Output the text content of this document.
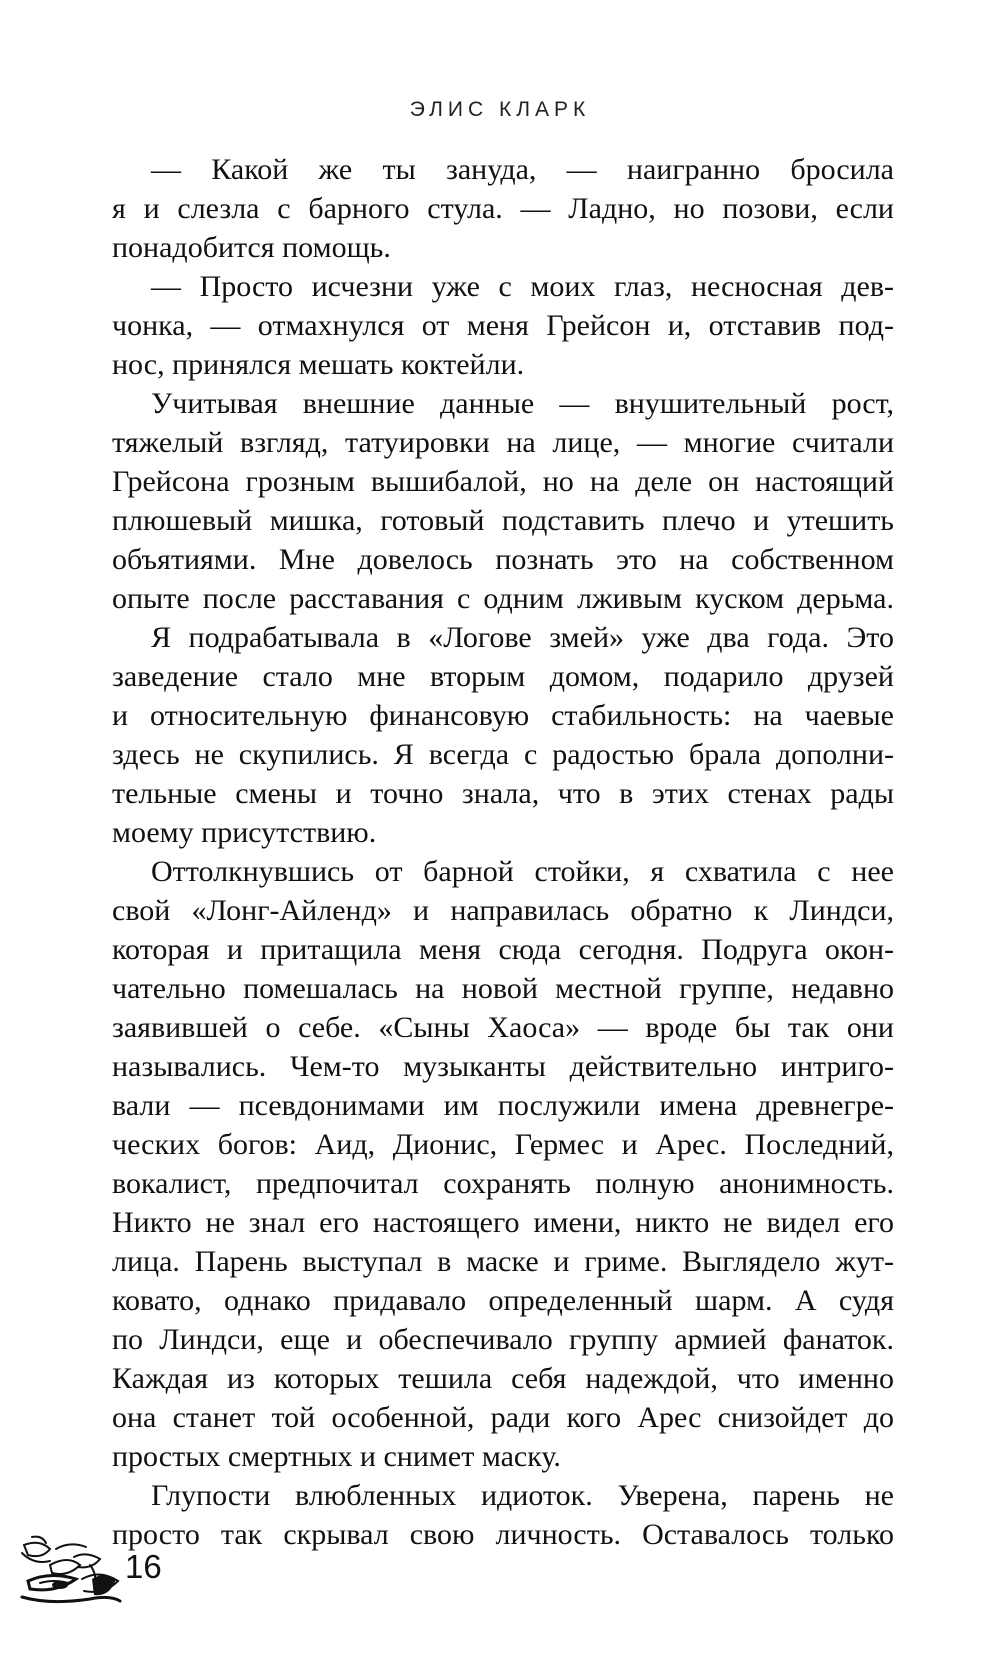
ЭЛИС КЛАРК
— Какой же ты зануда, — наигранно бросила
я и слезла с барного стула. — Ладно, но позови, если
понадобится помощь.
— Просто исчезни уже с моих глаз, несносная дев-
чонка, — отмахнулся от меня Грейсон и, отставив под-
нос, принялся мешать коктейли.
Учитывая внешние данные — внушительный рост,
тяжелый взгляд, татуировки на лице, — многие считали
Грейсона грозным вышибалой, но на деле он настоящий
плюшевый мишка, готовый подставить плечо и утешить
объятиями. Мне довелось познать это на собственном
опыте после расставания с одним лживым куском дерьма.
Я подрабатывала в «Логове змей» уже два года. Это
заведение стало мне вторым домом, подарило друзей
и относительную финансовую стабильность: на чаевые
здесь не скупились. Я всегда с радостью брала дополни-
тельные смены и точно знала, что в этих стенах рады
моему присутствию.
Оттолкнувшись от барной стойки, я схватила с нее
свой «Лонг-Айленд» и направилась обратно к Линдси,
которая и притащила меня сюда сегодня. Подруга окон-
чательно помешалась на новой местной группе, недавно
заявившей о себе. «Сыны Хаоса» — вроде бы так они
назывались. Чем-то музыканты действительно интриго-
вали — псевдонимами им послужили имена древнегре-
ческих богов: Аид, Дионис, Гермес и Арес. Последний,
вокалист, предпочитал сохранять полную анонимность.
Никто не знал его настоящего имени, никто не видел его
лица. Парень выступал в маске и гриме. Выглядело жут-
ковато, однако придавало определенный шарм. А судя
по Линдси, еще и обеспечивало группу армией фанаток.
Каждая из которых тешила себя надеждой, что именно
она станет той особенной, ради кого Арес снизойдет до
простых смертных и снимет маску.
Глупости влюбленных идиоток. Уверена, парень не
просто так скрывал свою личность. Оставалось только
16
